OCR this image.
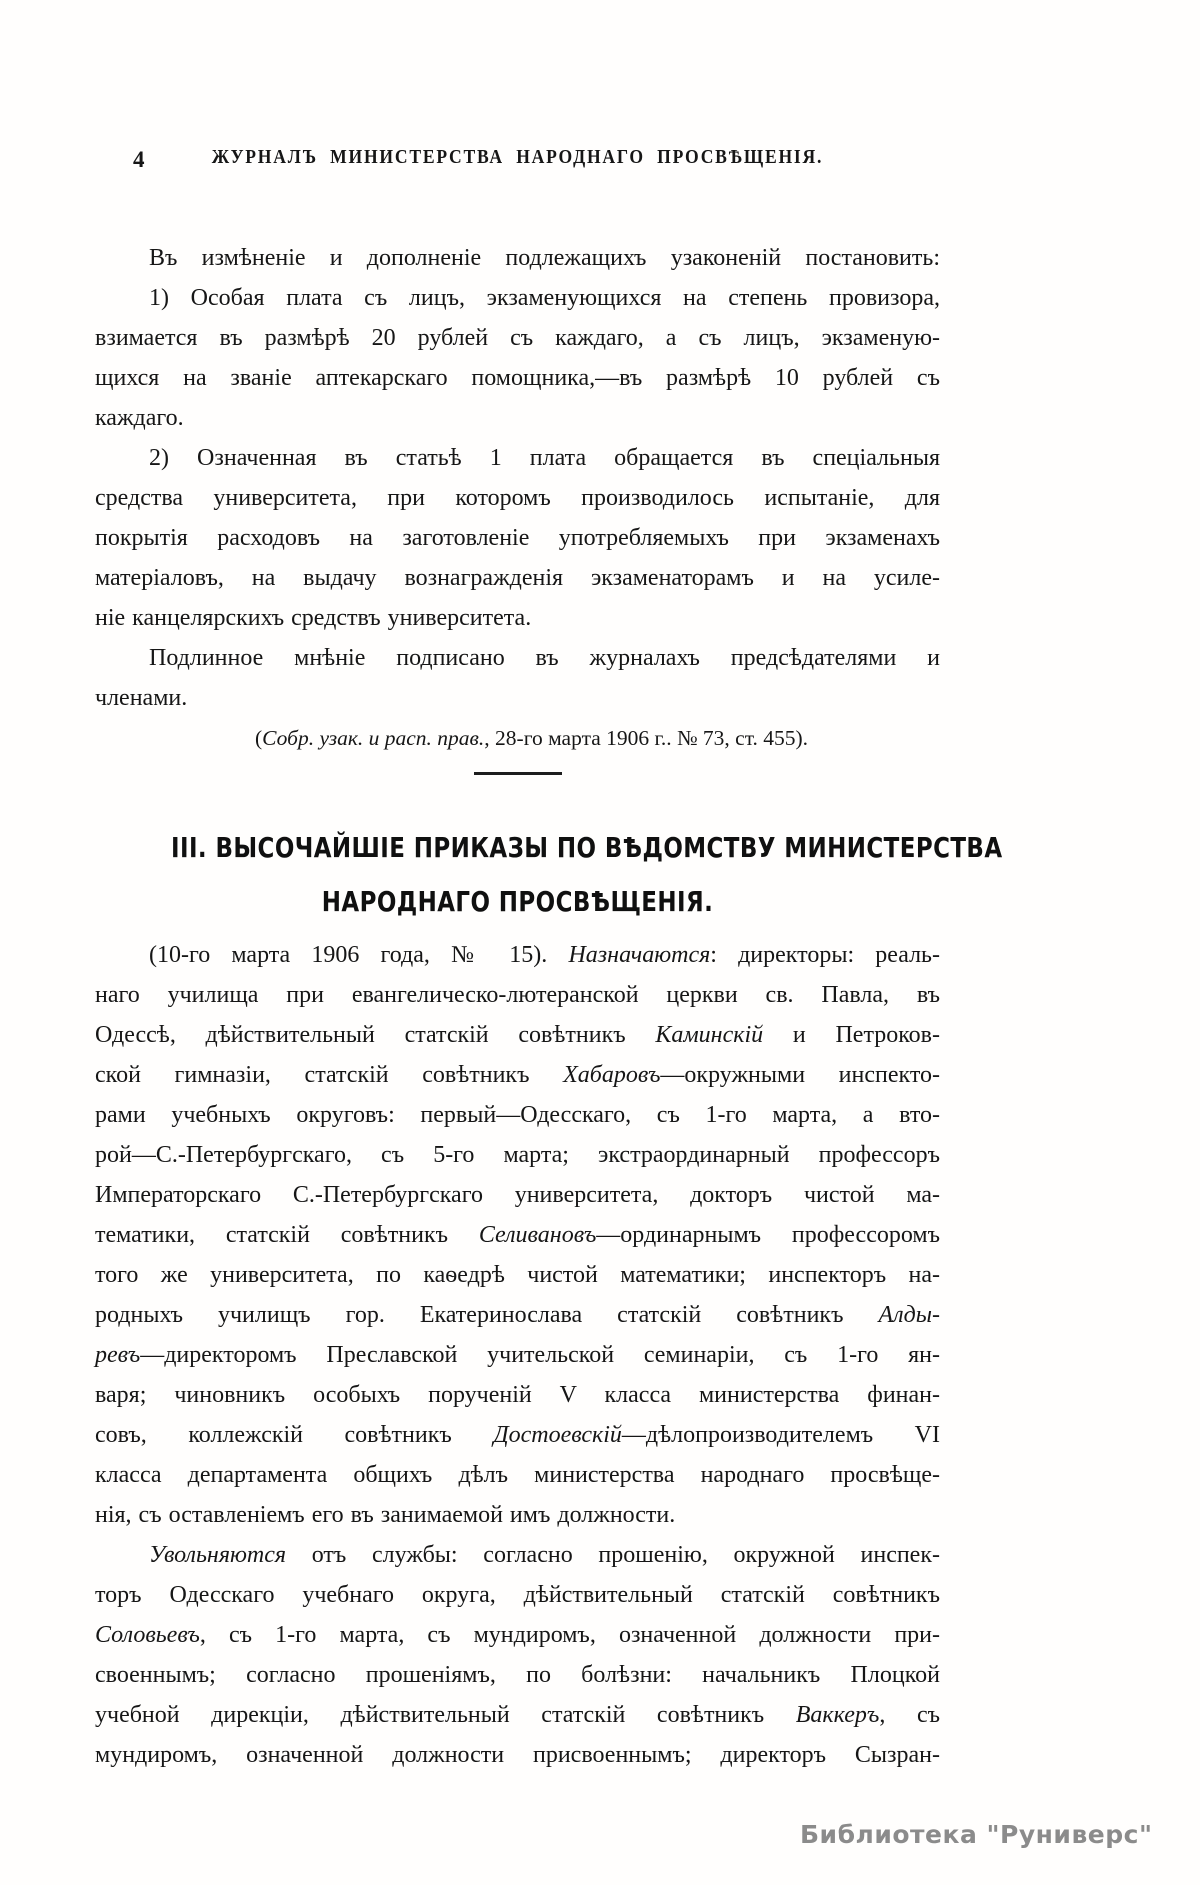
4	ЖУРНАЛЪ МИНИСТЕРСТВА НАРОДНАГО ПРОСВѢЩЕНІЯ.
Въ измѣненіе и дополненіе подлежащихъ узаконеній постановить:
1) Особая плата съ лицъ, экзаменующихся на степень провизора,
взимается въ размѣрѣ 20 рублей съ каждаго, а съ лицъ, экзаменую-
щихся на званіе аптекарскаго помощника,—въ размѣрѣ 10 рублей съ
каждаго.
2) Означенная въ статьѣ 1 плата обращается въ спеціальныя
средства университета, при которомъ производилось испытаніе, для
покрытія расходовъ на заготовленіе употребляемыхъ при экзаменахъ
матеріаловъ, на выдачу вознагражденія экзаменаторамъ и на усиле-
ніе канцелярскихъ средствъ университета.
Подлинное мнѣніе подписано въ журналахъ предсѣдателями и
членами.
(Собр. узак. и расп. прав., 28-го марта 1906 г.. № 73, ст. 455).
III. ВЫСОЧАЙШІЕ ПРИКАЗЫ ПО ВѢДОМСТВУ МИНИСТЕРСТВА
НАРОДНАГО ПРОСВѢЩЕНІЯ.
(10-го марта 1906 года, № 15). Назначаются: директоры: реаль-
наго училища при евангелическо-лютеранской церкви св. Павла, въ
Одессѣ, дѣйствительный статскій совѣтникъ Каминскій и Петроков-
ской гимназіи, статскій совѣтникъ Хабаровъ—окружными инспекто-
рами учебныхъ округовъ: первый—Одесскаго, съ 1-го марта, а вто-
рой—С.-Петербургскаго, съ 5-го марта; экстраординарный профессоръ
Императорскаго С.-Петербургскаго университета, докторъ чистой ма-
тематики, статскій совѣтникъ Селивановъ—ординарнымъ профессоромъ
того же университета, по каѳедрѣ чистой математики; инспекторъ на-
родныхъ училищъ гор. Екатеринослава статскій совѣтникъ Алды-
ревъ—директоромъ Преславской учительской семинаріи, съ 1-го ян-
варя; чиновникъ особыхъ порученій V класса министерства финан-
совъ, коллежскій совѣтникъ Достоевскій—дѣлопроизводителемъ VI
класса департамента общихъ дѣлъ министерства народнаго просвѣще-
нія, съ оставленіемъ его въ занимаемой имъ должности.
Увольняются отъ службы: согласно прошенію, окружной инспек-
торъ Одесскаго учебнаго округа, дѣйствительный статскій совѣтникъ
Соловьевъ, съ 1-го марта, съ мундиромъ, означенной должности при-
своеннымъ; согласно прошеніямъ, по болѣзни: начальникъ Плоцкой
учебной дирекціи, дѣйствительный статскій совѣтникъ Ваккеръ, съ
мундиромъ, означенной должности присвоеннымъ; директоръ Сызран-
Библиотека "Руниверс"
